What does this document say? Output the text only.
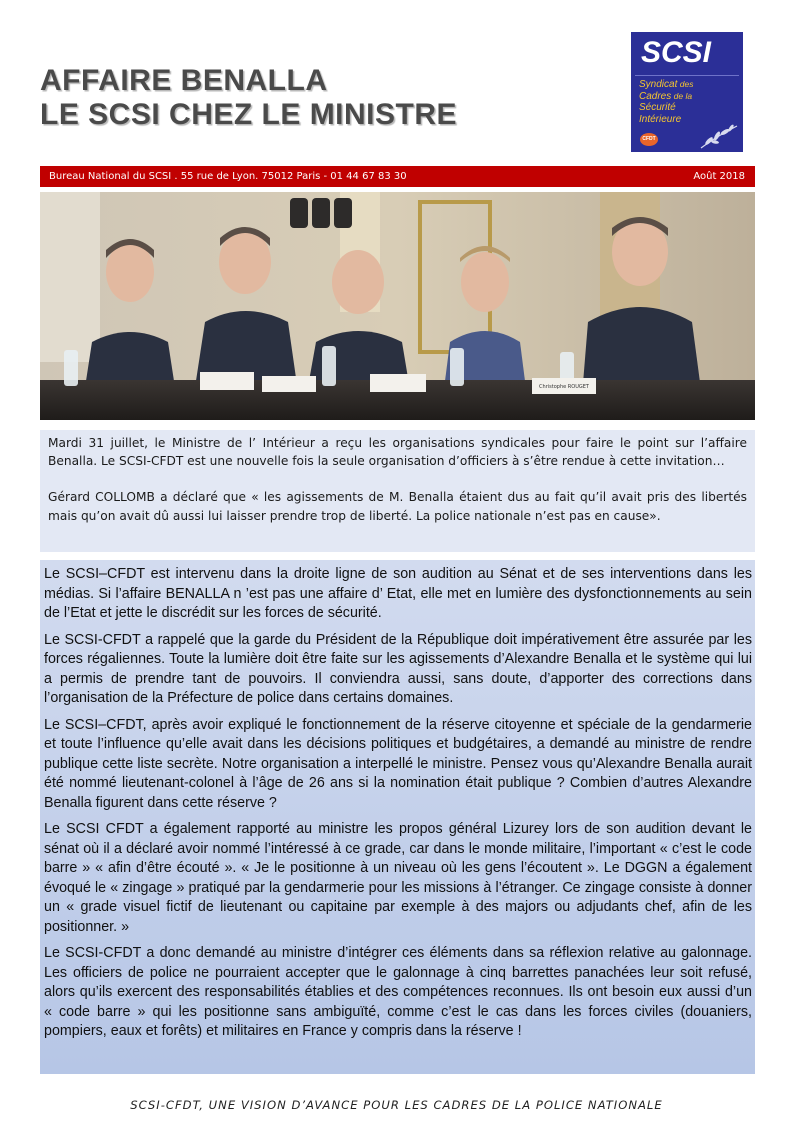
AFFAIRE BENALLA
LE SCSI CHEZ LE MINISTRE
SCSI
Syndicat des
Cadres de la
Sécurité
Intérieure
CFDT
Bureau National du SCSI . 55 rue de Lyon. 75012 Paris - 01 44 67 83 30	Août 2018
Christophe ROUGET

Mardi 31 juillet, le Ministre de l’ Intérieur a reçu les organisations syndicales pour faire le point sur l’affaire Benalla. Le SCSI-CFDT est une nouvelle fois la seule organisation d’officiers à s’être rendue à cette invitation…

Gérard COLLOMB a déclaré que « les agissements de M. Benalla étaient dus au fait qu’il avait pris des libertés mais qu’on avait dû aussi lui laisser prendre trop de liberté. La police nationale n’est pas en cause».

Le SCSI–CFDT est intervenu dans la droite ligne de son audition au Sénat et de ses interventions dans les médias. Si l’affaire BENALLA n ’est pas une affaire d’ Etat, elle met en lumière des dysfonctionnements au sein de l’Etat et jette le discrédit sur les forces de sécurité.

Le SCSI-CFDT a rappelé que la garde du Président de la République doit impérativement être assurée par les forces régaliennes. Toute la lumière doit être faite sur les agissements d’Alexandre Benalla et le système qui lui a permis de prendre tant de pouvoirs. Il conviendra aussi, sans doute, d’apporter des corrections dans l’organisation de la Préfecture de police dans certains domaines.

Le SCSI–CFDT, après avoir expliqué le fonctionnement de la réserve citoyenne et spéciale de la gendarmerie et toute l’influence qu’elle avait dans les décisions politiques et budgétaires, a demandé au ministre de rendre publique cette liste secrète. Notre organisation a interpellé le ministre. Pensez vous qu’Alexandre Benalla aurait été nommé lieutenant-colonel à l’âge de 26 ans si la nomination était publique ? Combien d’autres Alexandre Benalla figurent dans cette réserve ?

Le SCSI CFDT a également rapporté au ministre les propos général Lizurey lors de son audition devant le sénat où il a déclaré avoir nommé l’intéressé à ce grade, car dans le monde militaire, l’important « c’est le code barre » « afin d’être écouté ». « Je le positionne à un niveau où les gens l’écoutent ». Le DGGN a également évoqué le « zingage » pratiqué par la gendarmerie pour les missions à l’étranger. Ce zingage consiste à donner un « grade visuel fictif de lieutenant ou capitaine par exemple à des majors ou adjudants chef, afin de les positionner. »

Le SCSI-CFDT a donc demandé au ministre d’intégrer ces éléments dans sa réflexion relative au galonnage. Les officiers de police ne pourraient accepter que le galonnage à cinq barrettes panachées leur soit refusé, alors qu’ils exercent des responsabilités établies et des compétences reconnues. Ils ont besoin eux aussi d’un « code barre » qui les positionne sans ambiguïté, comme c’est le cas dans les forces civiles (douaniers, pompiers, eaux et forêts) et militaires en France y compris dans la réserve !

SCSI-CFDT, UNE VISION D’AVANCE POUR LES CADRES DE LA POLICE NATIONALE
